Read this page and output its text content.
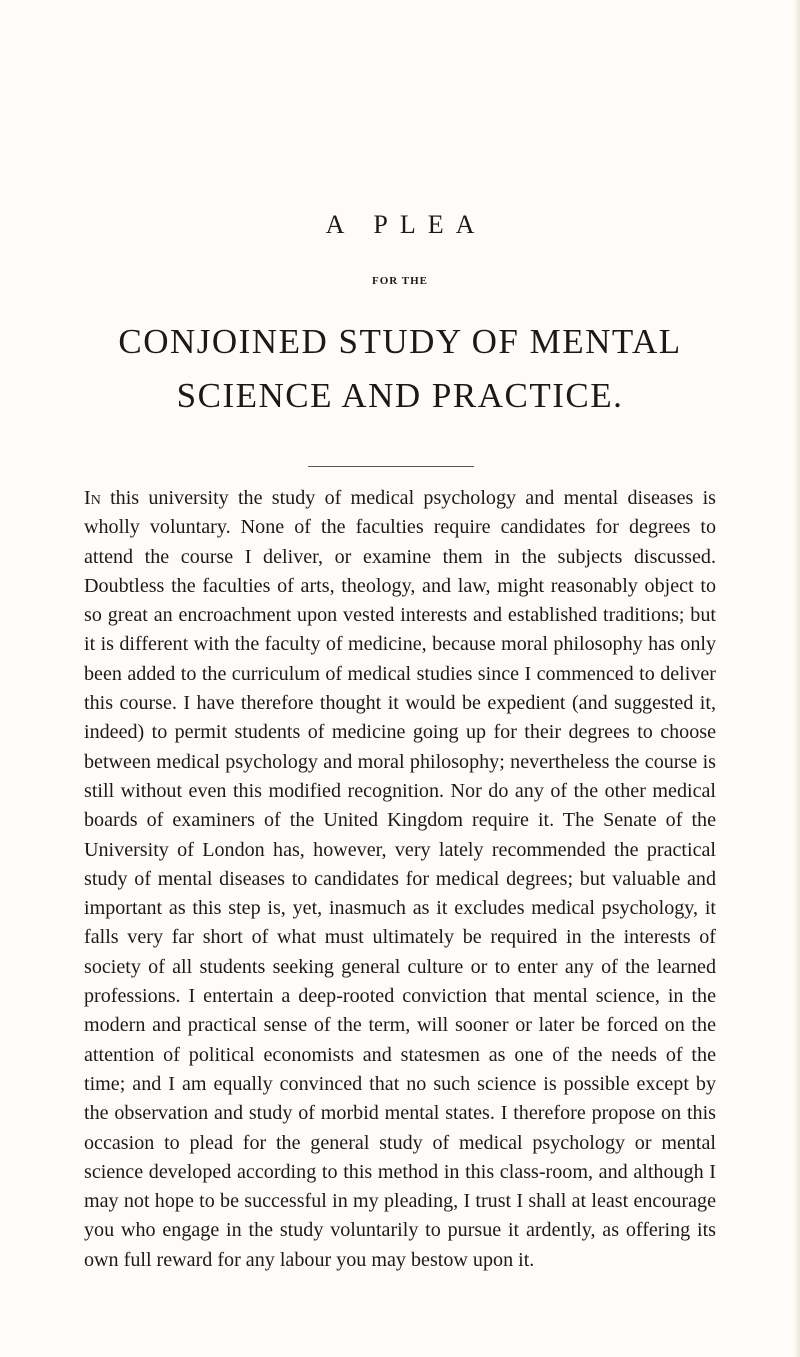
A PLEA
FOR THE
CONJOINED STUDY OF MENTAL
SCIENCE AND PRACTICE.

In this university the study of medical psychology and mental diseases is wholly voluntary. None of the faculties require candidates for degrees to attend the course I deliver, or examine them in the subjects discussed. Doubtless the faculties of arts, theology, and law, might reasonably object to so great an encroachment upon vested interests and established traditions; but it is different with the faculty of medicine, because moral philosophy has only been added to the curriculum of medical studies since I commenced to deliver this course. I have therefore thought it would be expedient (and suggested it, indeed) to permit students of medicine going up for their degrees to choose between medical psychology and moral philosophy; nevertheless the course is still without even this modified recognition. Nor do any of the other medical boards of examiners of the United Kingdom require it. The Senate of the University of London has, however, very lately recommended the practical study of mental diseases to candidates for medical degrees; but valuable and important as this step is, yet, inasmuch as it excludes medical psychology, it falls very far short of what must ultimately be required in the interests of society of all students seeking general culture or to enter any of the learned professions. I entertain a deep-rooted conviction that mental science, in the modern and practical sense of the term, will sooner or later be forced on the attention of political economists and statesmen as one of the needs of the time; and I am equally convinced that no such science is possible except by the observation and study of morbid mental states. I therefore propose on this occasion to plead for the general study of medical psychology or mental science developed according to this method in this class-room, and although I may not hope to be successful in my pleading, I trust I shall at least encourage you who engage in the study voluntarily to pursue it ardently, as offering its own full reward for any labour you may bestow upon it.
